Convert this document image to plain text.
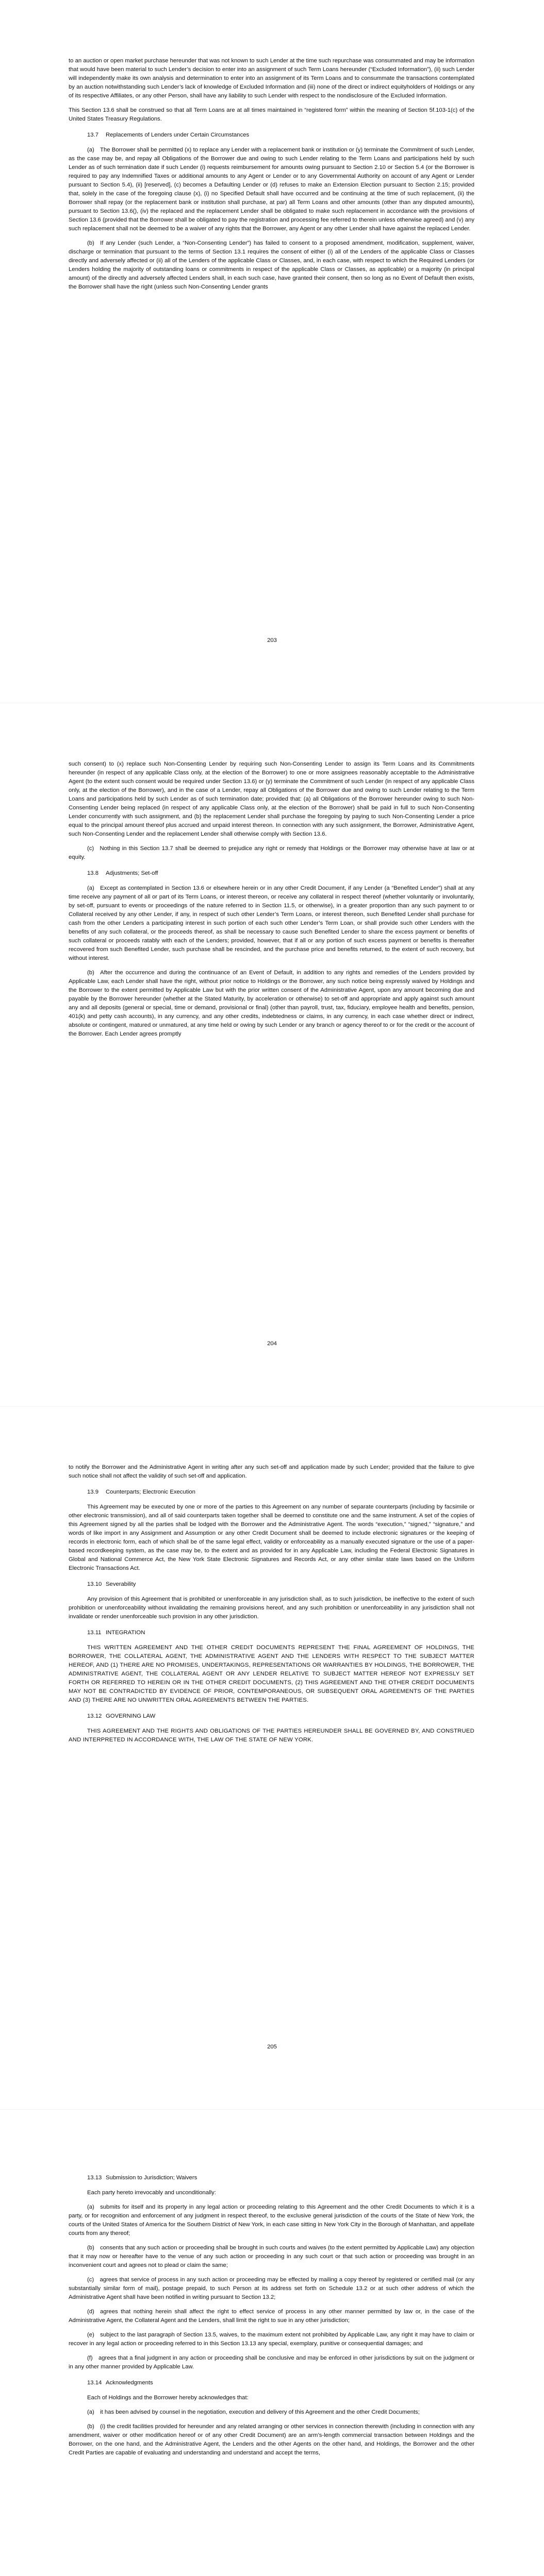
to an auction or open market purchase hereunder that was not known to such Lender at the time such repurchase was consummated and may be information that would have been material to such Lender’s decision to enter into an assignment of such Term Loans hereunder (“Excluded Information”), (ii) such Lender will independently make its own analysis and determination to enter into an assignment of its Term Loans and to consummate the transactions contemplated by an auction notwithstanding such Lender’s lack of knowledge of Excluded Information and (iii) none of the direct or indirect equityholders of Holdings or any of its respective Affiliates, or any other Person, shall have any liability to such Lender with respect to the nondisclosure of the Excluded Information.

This Section 13.6 shall be construed so that all Term Loans are at all times maintained in “registered form” within the meaning of Section 5f.103-1(c) of the United States Treasury Regulations.

13.7 Replacements of Lenders under Certain Circumstances

(a) The Borrower shall be permitted (x) to replace any Lender with a replacement bank or institution or (y) terminate the Commitment of such Lender, as the case may be, and repay all Obligations of the Borrower due and owing to such Lender relating to the Term Loans and participations held by such Lender as of such termination date if such Lender (i) requests reimbursement for amounts owing pursuant to Section 2.10 or Section 5.4 (or the Borrower is required to pay any Indemnified Taxes or additional amounts to any Agent or Lender or to any Governmental Authority on account of any Agent or Lender pursuant to Section 5.4), (ii) [reserved], (c) becomes a Defaulting Lender or (d) refuses to make an Extension Election pursuant to Section 2.15; provided that, solely in the case of the foregoing clause (x), (i) no Specified Default shall have occurred and be continuing at the time of such replacement, (ii) the Borrower shall repay (or the replacement bank or institution shall purchase, at par) all Term Loans and other amounts (other than any disputed amounts), pursuant to Section 13.6(), (iv) the replaced and the replacement Lender shall be obligated to make such replacement in accordance with the provisions of Section 13.6 (provided that the Borrower shall be obligated to pay the registration and processing fee referred to therein unless otherwise agreed) and (v) any such replacement shall not be deemed to be a waiver of any rights that the Borrower, any Agent or any other Lender shall have against the replaced Lender.

(b) If any Lender (such Lender, a “Non-Consenting Lender”) has failed to consent to a proposed amendment, modification, supplement, waiver, discharge or termination that pursuant to the terms of Section 13.1 requires the consent of either (i) all of the Lenders of the applicable Class or Classes directly and adversely affected or (ii) all of the Lenders of the applicable Class or Classes, and, in each case, with respect to which the Required Lenders (or Lenders holding the majority of outstanding loans or commitments in respect of the applicable Class or Classes, as applicable) or a majority (in principal amount) of the directly and adversely affected Lenders shall, in each such case, have granted their consent, then so long as no Event of Default then exists, the Borrower shall have the right (unless such Non-Consenting Lender grants

203

such consent) to (x) replace such Non-Consenting Lender by requiring such Non-Consenting Lender to assign its Term Loans and its Commitments hereunder (in respect of any applicable Class only, at the election of the Borrower) to one or more assignees reasonably acceptable to the Administrative Agent (to the extent such consent would be required under Section 13.6) or (y) terminate the Commitment of such Lender (in respect of any applicable Class only, at the election of the Borrower), and in the case of a Lender, repay all Obligations of the Borrower due and owing to such Lender relating to the Term Loans and participations held by such Lender as of such termination date; provided that: (a) all Obligations of the Borrower hereunder owing to such Non-Consenting Lender being replaced (in respect of any applicable Class only, at the election of the Borrower) shall be paid in full to such Non-Consenting Lender concurrently with such assignment, and (b) the replacement Lender shall purchase the foregoing by paying to such Non-Consenting Lender a price equal to the principal amount thereof plus accrued and unpaid interest thereon. In connection with any such assignment, the Borrower, Administrative Agent, such Non-Consenting Lender and the replacement Lender shall otherwise comply with Section 13.6.

(c) Nothing in this Section 13.7 shall be deemed to prejudice any right or remedy that Holdings or the Borrower may otherwise have at law or at equity.

13.8 Adjustments; Set-off

(a) Except as contemplated in Section 13.6 or elsewhere herein or in any other Credit Document, if any Lender (a “Benefited Lender”) shall at any time receive any payment of all or part of its Term Loans, or interest thereon, or receive any collateral in respect thereof (whether voluntarily or involuntarily, by set-off, pursuant to events or proceedings of the nature referred to in Section 11.5, or otherwise), in a greater proportion than any such payment to or Collateral received by any other Lender, if any, in respect of such other Lender’s Term Loans, or interest thereon, such Benefited Lender shall purchase for cash from the other Lenders a participating interest in such portion of each such other Lender’s Term Loan, or shall provide such other Lenders with the benefits of any such collateral, or the proceeds thereof, as shall be necessary to cause such Benefited Lender to share the excess payment or benefits of such collateral or proceeds ratably with each of the Lenders; provided, however, that if all or any portion of such excess payment or benefits is thereafter recovered from such Benefited Lender, such purchase shall be rescinded, and the purchase price and benefits returned, to the extent of such recovery, but without interest.

(b) After the occurrence and during the continuance of an Event of Default, in addition to any rights and remedies of the Lenders provided by Applicable Law, each Lender shall have the right, without prior notice to Holdings or the Borrower, any such notice being expressly waived by Holdings and the Borrower to the extent permitted by Applicable Law but with the prior written consent of the Administrative Agent, upon any amount becoming due and payable by the Borrower hereunder (whether at the Stated Maturity, by acceleration or otherwise) to set-off and appropriate and apply against such amount any and all deposits (general or special, time or demand, provisional or final) (other than payroll, trust, tax, fiduciary, employee health and benefits, pension, 401(k) and petty cash accounts), in any currency, and any other credits, indebtedness or claims, in any currency, in each case whether direct or indirect, absolute or contingent, matured or unmatured, at any time held or owing by such Lender or any branch or agency thereof to or for the credit or the account of the Borrower. Each Lender agrees promptly

204

to notify the Borrower and the Administrative Agent in writing after any such set-off and application made by such Lender; provided that the failure to give such notice shall not affect the validity of such set-off and application.

13.9 Counterparts; Electronic Execution

This Agreement may be executed by one or more of the parties to this Agreement on any number of separate counterparts (including by facsimile or other electronic transmission), and all of said counterparts taken together shall be deemed to constitute one and the same instrument. A set of the copies of this Agreement signed by all the parties shall be lodged with the Borrower and the Administrative Agent. The words “execution,” “signed,” “signature,” and words of like import in any Assignment and Assumption or any other Credit Document shall be deemed to include electronic signatures or the keeping of records in electronic form, each of which shall be of the same legal effect, validity or enforceability as a manually executed signature or the use of a paper-based recordkeeping system, as the case may be, to the extent and as provided for in any Applicable Law, including the Federal Electronic Signatures in Global and National Commerce Act, the New York State Electronic Signatures and Records Act, or any other similar state laws based on the Uniform Electronic Transactions Act.

13.10 Severability

Any provision of this Agreement that is prohibited or unenforceable in any jurisdiction shall, as to such jurisdiction, be ineffective to the extent of such prohibition or unenforceability without invalidating the remaining provisions hereof, and any such prohibition or unenforceability in any jurisdiction shall not invalidate or render unenforceable such provision in any other jurisdiction.

13.11 INTEGRATION

THIS WRITTEN AGREEMENT AND THE OTHER CREDIT DOCUMENTS REPRESENT THE FINAL AGREEMENT OF HOLDINGS, THE BORROWER, THE COLLATERAL AGENT, THE ADMINISTRATIVE AGENT AND THE LENDERS WITH RESPECT TO THE SUBJECT MATTER HEREOF, AND (1) THERE ARE NO PROMISES, UNDERTAKINGS, REPRESENTATIONS OR WARRANTIES BY HOLDINGS, THE BORROWER, THE ADMINISTRATIVE AGENT, THE COLLATERAL AGENT OR ANY LENDER RELATIVE TO SUBJECT MATTER HEREOF NOT EXPRESSLY SET FORTH OR REFERRED TO HEREIN OR IN THE OTHER CREDIT DOCUMENTS, (2) THIS AGREEMENT AND THE OTHER CREDIT DOCUMENTS MAY NOT BE CONTRADICTED BY EVIDENCE OF PRIOR, CONTEMPORANEOUS, OR SUBSEQUENT ORAL AGREEMENTS OF THE PARTIES AND (3) THERE ARE NO UNWRITTEN ORAL AGREEMENTS BETWEEN THE PARTIES.

13.12 GOVERNING LAW

THIS AGREEMENT AND THE RIGHTS AND OBLIGATIONS OF THE PARTIES HEREUNDER SHALL BE GOVERNED BY, AND CONSTRUED AND INTERPRETED IN ACCORDANCE WITH, THE LAW OF THE STATE OF NEW YORK.

205
13.13 Submission to Jurisdiction; Waivers

Each party hereto irrevocably and unconditionally:

(a) submits for itself and its property in any legal action or proceeding relating to this Agreement and the other Credit Documents to which it is a party, or for recognition and enforcement of any judgment in respect thereof, to the exclusive general jurisdiction of the courts of the State of New York, the courts of the United States of America for the Southern District of New York, in each case sitting in New York City in the Borough of Manhattan, and appellate courts from any thereof;

(b) consents that any such action or proceeding shall be brought in such courts and waives (to the extent permitted by Applicable Law) any objection that it may now or hereafter have to the venue of any such action or proceeding in any such court or that such action or proceeding was brought in an inconvenient court and agrees not to plead or claim the same;

(c) agrees that service of process in any such action or proceeding may be effected by mailing a copy thereof by registered or certified mail (or any substantially similar form of mail), postage prepaid, to such Person at its address set forth on Schedule 13.2 or at such other address of which the Administrative Agent shall have been notified in writing pursuant to Section 13.2;

(d) agrees that nothing herein shall affect the right to effect service of process in any other manner permitted by law or, in the case of the Administrative Agent, the Collateral Agent and the Lenders, shall limit the right to sue in any other jurisdiction;

(e) subject to the last paragraph of Section 13.5, waives, to the maximum extent not prohibited by Applicable Law, any right it may have to claim or recover in any legal action or proceeding referred to in this Section 13.13 any special, exemplary, punitive or consequential damages; and

(f) agrees that a final judgment in any action or proceeding shall be conclusive and may be enforced in other jurisdictions by suit on the judgment or in any other manner provided by Applicable Law.

13.14 Acknowledgments

Each of Holdings and the Borrower hereby acknowledges that:

(a) it has been advised by counsel in the negotiation, execution and delivery of this Agreement and the other Credit Documents;

(b) (i) the credit facilities provided for hereunder and any related arranging or other services in connection therewith (including in connection with any amendment, waiver or other modification hereof or of any other Credit Document) are an arm’s-length commercial transaction between Holdings and the Borrower, on the one hand, and the Administrative Agent, the Lenders and the other Agents on the other hand, and Holdings, the Borrower and the other Credit Parties are capable of evaluating and understanding and understand and accept the terms,
